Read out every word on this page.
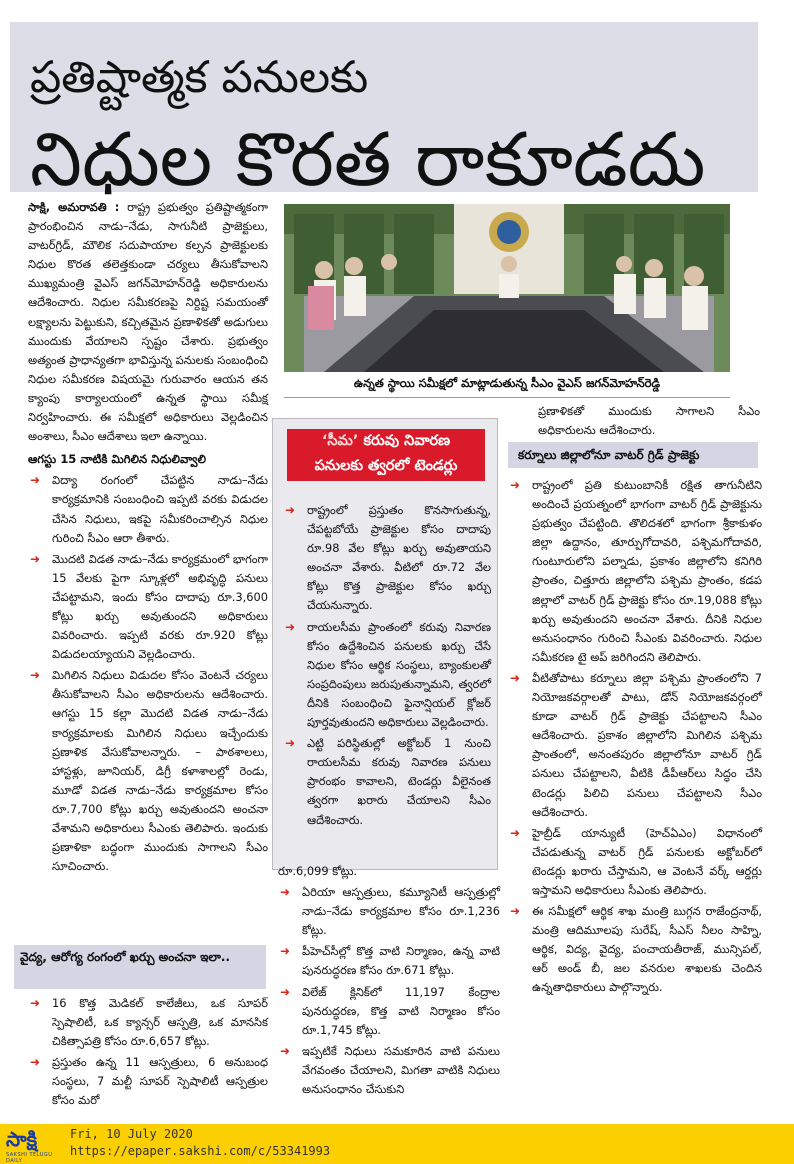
ప్రతిష్టాత్మక పనులకు
నిధుల కొరత రాకూడదు

సాక్షి, అమరావతి : రాష్ట్ర ప్రభుత్వం ప్రతిష్టాత్మకంగా ప్రారంభించిన నాడు–నేడు, సాగునీటి ప్రాజెక్టులు, వాటర్‌గ్రిడ్, మౌలిక సదుపాయాల కల్పన ప్రాజెక్టులకు నిధుల కొరత తలెత్తకుండా చర్యలు తీసుకోవాలని ముఖ్యమంత్రి వైఎస్ జగన్‌మోహన్‌రెడ్డి అధికారులను ఆదేశించారు. నిధుల సమీకరణపై నిర్దిష్ట సమయంతో లక్ష్యాలను పెట్టుకుని, కచ్చితమైన ప్రణాళికతో అడుగులు ముందుకు వేయాలని స్పష్టం చేశారు. ప్రభుత్వం అత్యంత ప్రాధాన్యతగా భావిస్తున్న పనులకు సంబంధించి నిధుల సమీకరణ విషయమై గురువారం ఆయన తన క్యాంపు కార్యాలయంలో ఉన్నత స్థాయి సమీక్ష నిర్వహించారు. ఈ సమీక్షలో అధికారులు వెల్లడించిన అంశాలు, సీఎం ఆదేశాలు ఇలా ఉన్నాయి.

ఆగస్టు 15 నాటికి మిగిలిన నిధులివ్వాలి
➜ విద్యా రంగంలో చేపట్టిన నాడు–నేడు కార్యక్రమానికి సంబంధించి ఇప్పటి వరకు విడుదల చేసిన నిధులు, ఇకపై సమీకరించాల్సిన నిధుల గురించి సీఎం ఆరా తీశారు.
➜ మొదటి విడత నాడు–నేడు కార్యక్రమంలో భాగంగా 15 వేలకు పైగా స్కూళ్లలో అభివృద్ధి పనులు చేపట్టామని, ఇందు కోసం దాదాపు రూ.3,600 కోట్లు ఖర్చు అవుతుందని అధికారులు వివరించారు. ఇప్పటి వరకు రూ.920 కోట్లు విడుదలయ్యాయని వెల్లడించారు.
➜ మిగిలిన నిధులు విడుదల కోసం వెంటనే చర్యలు తీసుకోవాలని సీఎం అధికారులను ఆదేశించారు. ఆగస్టు 15 కల్లా మొదటి విడత నాడు–నేడు కార్యక్రమాలకు మిగిలిన నిధులు ఇచ్చేందుకు ప్రణాళిక వేసుకోవాలన్నారు. – పాఠశాలలు, హాస్టళ్లు, జూనియర్‌, డిగ్రీ కళాశాలల్లో రెండు, మూడో విడత నాడు–నేడు కార్యక్రమాల కోసం రూ.7,700 కోట్లు ఖర్చు అవుతుందని అంచనా వేశామని అధికారులు సీఎంకు తెలిపారు. ఇందుకు ప్రణాళికా బద్ధంగా ముందుకు సాగాలని సీఎం సూచించారు.
ఉన్నత స్థాయి సమీక్షలో మాట్లాడుతున్న సీఎం వైఎస్ జగన్‌మోహన్‌రెడ్డి
ప్రణాళికతో ముందుకు సాగాలని సీఎం అధికారులను ఆదేశించారు.
‘సీమ’ కరువు నివారణ
పనులకు త్వరలో టెండర్లు
➜ రాష్ట్రంలో ప్రస్తుతం కొనసాగుతున్న, చేపట్టబోయే ప్రాజెక్టుల కోసం దాదాపు రూ.98 వేల కోట్లు ఖర్చు అవుతాయని అంచనా వేశారు. వీటిలో రూ.72 వేల కోట్లు కొత్త ప్రాజెక్టుల కోసం ఖర్చు చేయనున్నారు.
➜ రాయలసీమ ప్రాంతంలో కరువు నివారణ కోసం ఉద్దేశించిన పనులకు ఖర్చు చేసే నిధుల కోసం ఆర్థిక సంస్థలు, బ్యాంకులతో సంప్రదింపులు జరుపుతున్నామని, త్వరలో దీనికి సంబంధించి ఫైనాన్షియల్ క్లోజర్ పూర్తవుతుందని అధికారులు వెల్లడించారు.
➜ ఎట్టి పరిస్థితుల్లో అక్టోబర్ 1 నుంచి రాయలసీమ కరువు నివారణ పనులు ప్రారంభం కావాలని, టెండర్లు వీలైనంత త్వరగా ఖరారు చేయాలని సీఎం ఆదేశించారు.
కర్నూలు జిల్లాలోనూ వాటర్ గ్రిడ్ ప్రాజెక్టు
➜ రాష్ట్రంలో ప్రతి కుటుంబానికీ రక్షిత తాగునీటిని అందించే ప్రయత్నంలో భాగంగా వాటర్ గ్రిడ్ ప్రాజెక్టును ప్రభుత్వం చేపట్టింది. తొలిదశలో భాగంగా శ్రీకాకుళం జిల్లా ఉద్దానం, తూర్పుగోదావరి, పశ్చిమగోదావరి, గుంటూరులోని పల్నాడు, ప్రకాశం జిల్లాలోని కనిగిరి ప్రాంతం, చిత్తూరు జిల్లాలోని పశ్చిమ ప్రాంతం, కడప జిల్లాలో వాటర్ గ్రిడ్ ప్రాజెక్టు కోసం రూ.19,088 కోట్లు ఖర్చు అవుతుందని అంచనా వేశారు. దీనికి నిధుల అనుసంధానం గురించి సీఎంకు వివరించారు. నిధుల సమీకరణ టై అప్ జరిగిందని తెలిపారు.
➜ వీటితోపాటు కర్నూలు జిల్లా పశ్చిమ ప్రాంతంలోని 7 నియోజకవర్గాలతో పాటు, డోన్ నియోజకవర్గంలో కూడా వాటర్ గ్రిడ్ ప్రాజెక్టు చేపట్టాలని సీఎం ఆదేశించారు. ప్రకాశం జిల్లాలోని మిగిలిన పశ్చిమ ప్రాంతంలో, అనంతపురం జిల్లాలోనూ వాటర్ గ్రిడ్ పనులు చేపట్టాలని, వీటికి డీపీఆర్‌లు సిద్ధం చేసి టెండర్లు పిలిచి పనులు చేపట్టాలని సీఎం ఆదేశించారు.
➜ హైబ్రీడ్ యాన్యుటీ (హెచ్ఏఎం) విధానంలో చేపడుతున్న వాటర్ గ్రిడ్ పనులకు అక్టోబర్‌లో టెండర్లు ఖరారు చేస్తామని, ఆ వెంటనే వర్క్ ఆర్డర్లు ఇస్తామని అధికారులు సీఎంకు తెలిపారు.
➜ ఈ సమీక్షలో ఆర్థిక శాఖ మంత్రి బుగ్గన రాజేంద్రనాథ్, మంత్రి ఆదిమూలపు సురేష్, సీఎస్ నీలం సాహ్ని, ఆర్థిక, విద్య, వైద్య, పంచాయతీరాజ్, మున్సిపల్, ఆర్ అండ్ బీ, జల వనరుల శాఖలకు చెందిన ఉన్నతాధికారులు పాల్గొన్నారు.
వైద్య, ఆరోగ్య రంగంలో ఖర్చు అంచనా ఇలా..
➜ 16 కొత్త మెడికల్ కాలేజీలు, ఒక సూపర్ స్పెషాలిటీ, ఒక క్యాన్సర్ ఆస్పత్రి, ఒక మానసిక చికిత్సాపత్రి కోసం రూ.6,657 కోట్లు.
➜ ప్రస్తుతం ఉన్న 11 ఆస్పత్రులు, 6 అనుబంధ సంస్థలు, 7 మల్టీ సూపర్ స్పెషాలిటీ ఆస్పత్రుల కోసం మరో

రూ.6,099 కోట్లు.

➜ ఏరియా ఆస్పత్రులు, కమ్యూనిటీ ఆస్పత్రుల్లో నాడు–నేడు కార్యక్రమాల కోసం రూ.1,236 కోట్లు.
➜ పీహెచ్‌సీల్లో కొత్త వాటి నిర్మాణం, ఉన్న వాటి పునరుద్ధరణ కోసం రూ.671 కోట్లు.
➜ విలేజ్ క్లినిక్‌లో 11,197 కేంద్రాల పునరుద్ధరణ, కొత్త వాటి నిర్మాణం కోసం రూ.1,745 కోట్లు.
➜ ఇప్పటికే నిధులు సమకూరిన వాటి పనులు వేగవంతం చేయాలని, మిగతా వాటికి నిధులు అనుసంధానం చేసుకుని
సాక్షి
SAKSHI TELUGU DAILY
Fri, 10 July 2020
https://epaper.sakshi.com/c/53341993
